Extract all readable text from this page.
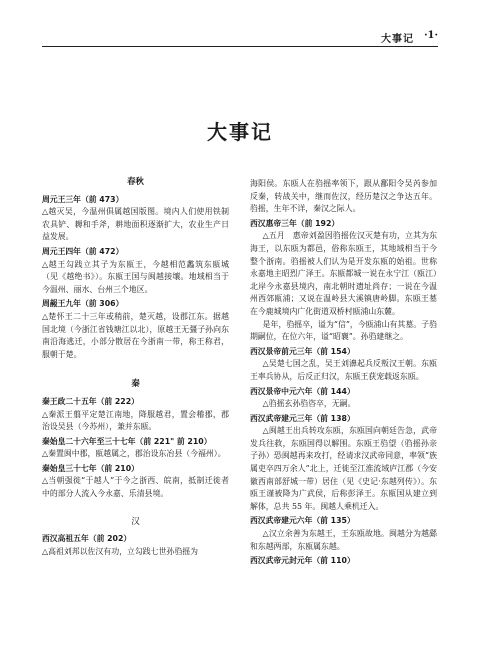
大事记 ·1·
大事记
春秋
周元王三年（前 473）

△越灭吴，今温州俱属越国版图。境内人们使用铁制农具铲、耨和手斧，耕地面积逐渐扩大，农业生产日益发展。

周元王四年（前 472）

△越王勾践立其子为东瓯王，今越相范蠡筑东瓯城（见《越绝书》）。东瓯王国与闽越接壤。地域相当于今温州、丽水、台州三个地区。

周赧王九年（前 306）

△楚怀王二十三年或稍前，楚灭越，设郡江东。据越国北境（今浙江省钱塘江以北），原越王无彊子孙向东南沿海逃迁，小部分散居在今浙南一带，称王称君，服朝于楚。

秦
秦王政二十五年（前 222）

△秦派王翦平定楚江南地，降服越君，置会稽郡，郡治设吴县（今苏州），兼并东瓯。

秦始皇二十六年至三十七年（前 221" 前 210）

△秦置闽中郡，瓯越属之，郡治设东冶县（今福州）。

秦始皇三十七年（前 210）

△当朝强徙“于越人”于今之浙西、皖南，抵制迁徙者中的部分人流入今永嘉、乐清县境。

汉
西汉高祖五年（前 202）

△高祖刘邦以佐汉有功，立勾践七世孙驺摇为

海阳侯。东瓯人在驺摇率领下，跟从鄱阳令吴芮参加反秦，转战关中，继而佐汉，经历楚汉之争达五年。驺摇，生年不详，秦汉之际人。

西汉惠帝三年（前 192）

△五月　惠帝刘盈因驺摇佐汉灭楚有功，立其为东海王，以东瓯为都邑，俗称东瓯王，其地域相当于今整个浙南。驺摇被人们认为是开发东瓯的始祖。世称永嘉地主昭烈广泽王。东瓯都城一说在永宁江（瓯江）北岸今永嘉县境内，南北朝时遗址尚存；一说在今温州西郊瓯浦；又说在温岭县大溪镇唐岭脚。东瓯王墓在今鹿城境内广化街道双桥村瓯浦山东麓。

是年，驺摇卒，谥为“信”，今瓯浦山有其墓。子驺期嗣位，在位六年，谥“昭襄”。孙驺建继之。

西汉景帝前元三年（前 154）

△吴楚七国之乱，吴王刘濞起兵反叛汉王朝。东瓯王率兵协从，后反正归汉，东瓯王获宠载返东瓯。

西汉景帝中元六年（前 144）

△驺摇玄孙驺咨卒，无嗣。

西汉武帝建元三年（前 138）

△闽越王出兵转攻东瓯，东瓯国向朝廷告急，武帝发兵往救，东瓯国得以解围。东瓯王驺望（驺摇孙亲子孙）恐闽越再来攻打，经请求汉武帝同意，率领“族属吏卒四万余人”北上，迁徙至江淮流域庐江郡（今安徽西南部舒城一带）居住（见《史记·东越列传》）。东瓯王谨被降为广武侯，后称彭泽王。东瓯国从建立到解体，总共 55 年。闽越人乘机迁入。

西汉武帝建元六年（前 135）

△汉立余善为东越王，王东瓯故地。闽越分为越繇和东越两部，东瓯属东越。

西汉武帝元封元年（前 110）
